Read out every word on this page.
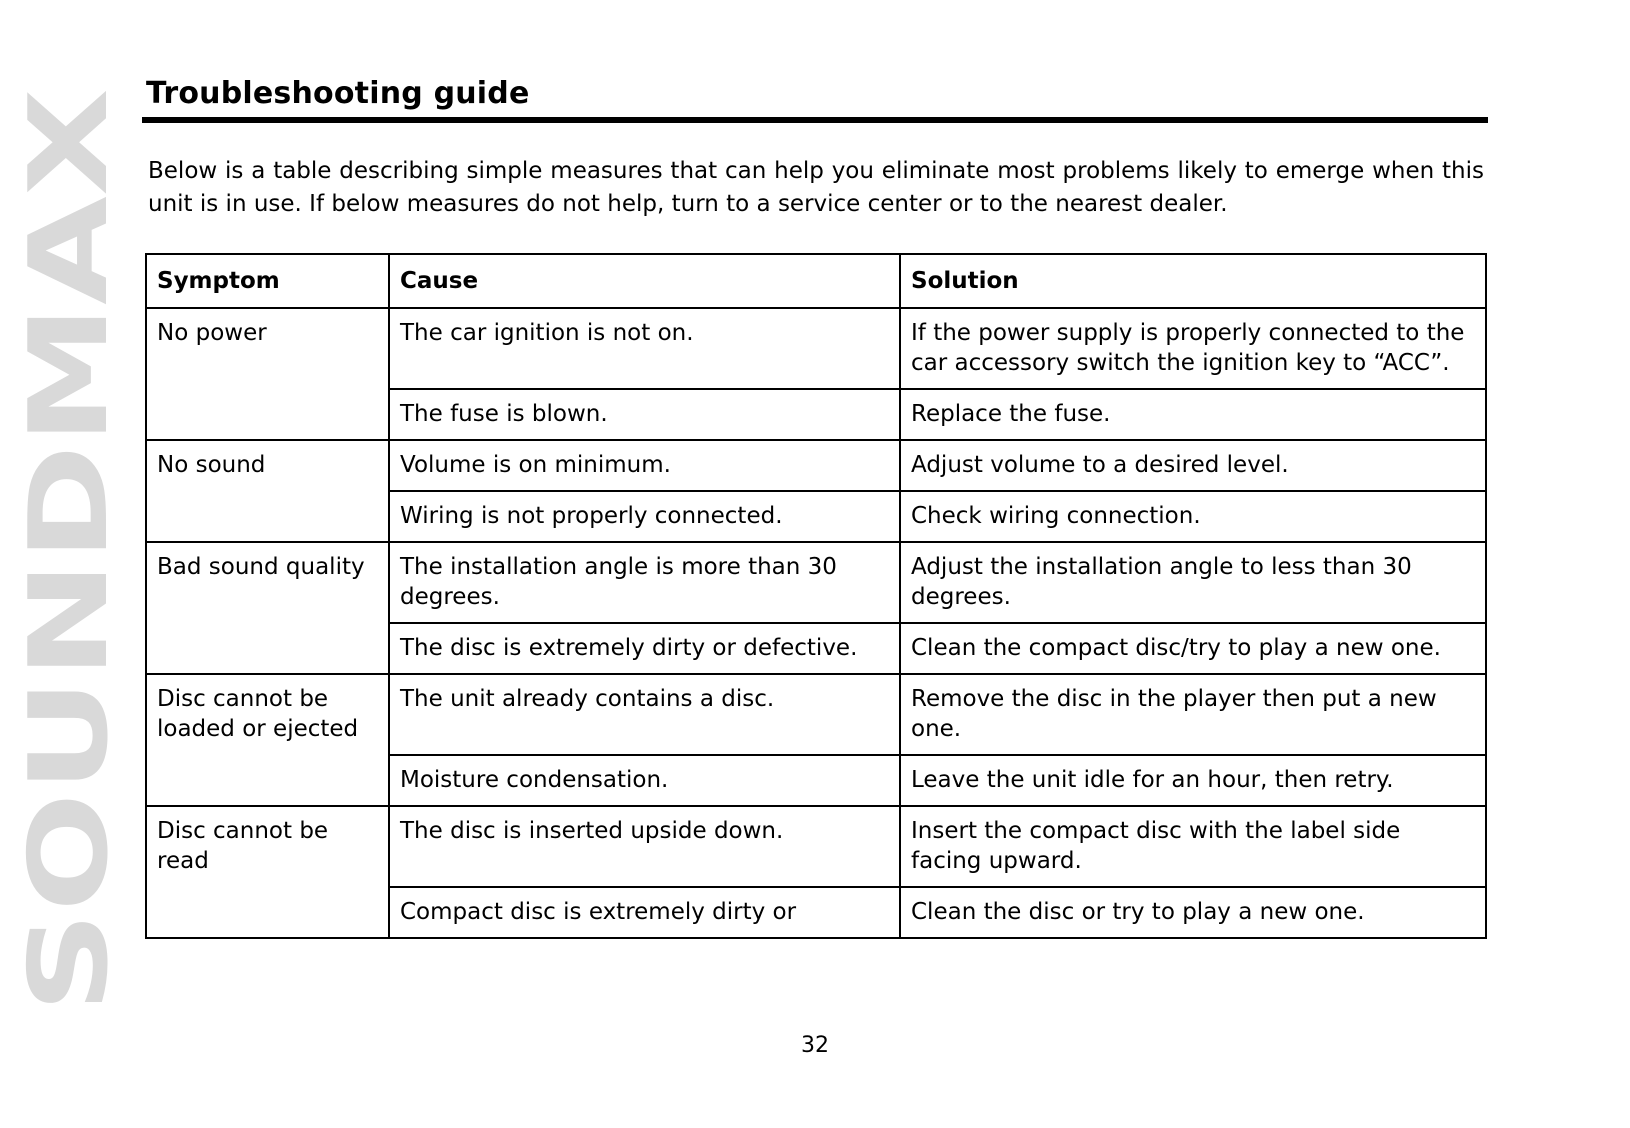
SOUNDMAX
Troubleshooting guide
Below is a table describing simple measures that can help you eliminate most problems likely to emerge when this unit is in use. If below measures do not help, turn to a service center or to the nearest dealer.
Symptom	Cause	Solution
No power	The car ignition is not on.	If the power supply is properly connected to the car accessory switch the ignition key to “ACC”.
	The fuse is blown.	Replace the fuse.
No sound	Volume is on minimum.	Adjust volume to a desired level.
	Wiring is not properly connected.	Check wiring connection.
Bad sound quality	The installation angle is more than 30 degrees.	Adjust the installation angle to less than 30 degrees.
	The disc is extremely dirty or defective.	Clean the compact disc/try to play a new one.
Disc cannot be loaded or ejected	The unit already contains a disc.	Remove the disc in the player then put a new one.
	Moisture condensation.	Leave the unit idle for an hour, then retry.
Disc cannot be read	The disc is inserted upside down.	Insert the compact disc with the label side facing upward.
	Compact disc is extremely dirty or	Clean the disc or try to play a new one.
32
